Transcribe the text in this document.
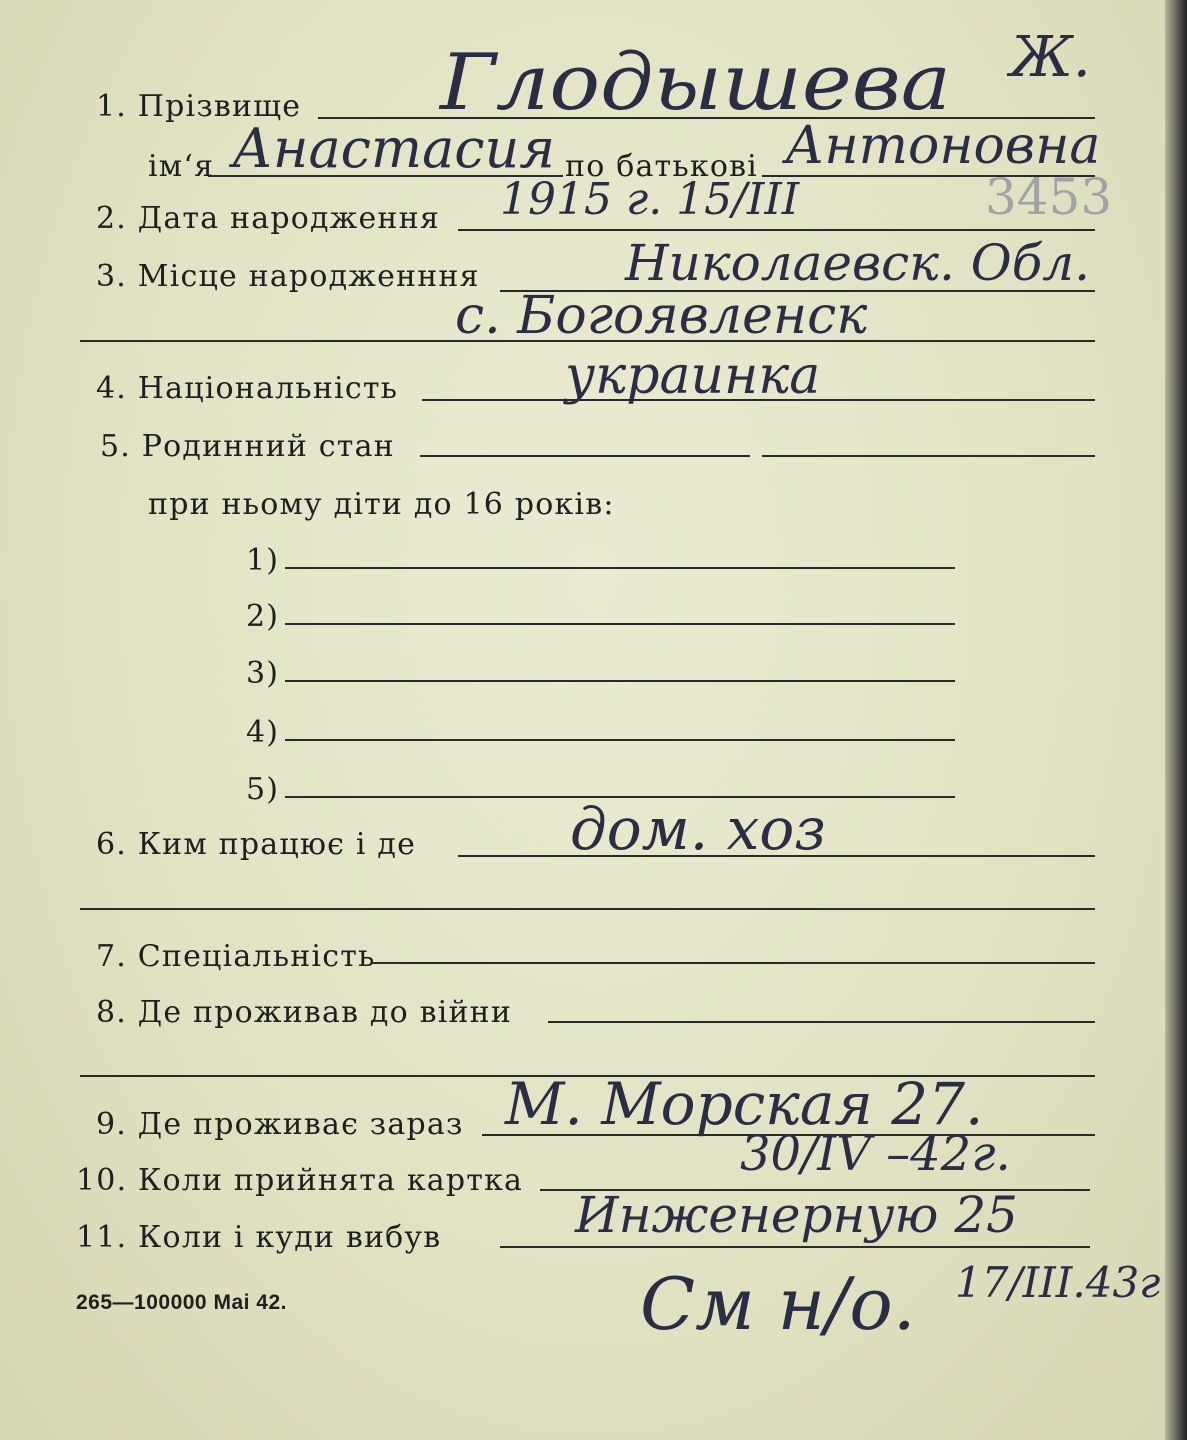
1. Прізвище Глодышева Ж.
ім‘я Анастасия по батькові Антоновна
2. Дата народження 1915 г. 15/III	3453
3. Місце народженння	Николаевск. Обл.
с. Богоявленск
4. Національність	украинка
5. Родинний стан
при ньому діти до 16 років:
1)
2)
3)
4)
5)
6. Ким працює і де	дом. хоз
7. Спеціальність
8. Де проживав до війни
9. Де проживає зараз М. Морская 27.
10. Коли прийнята картка	30/IV –42г.
11. Коли і куди вибув	Инженерную 25
265—100000 Mai 42.	См н/о. 17/III.43г
